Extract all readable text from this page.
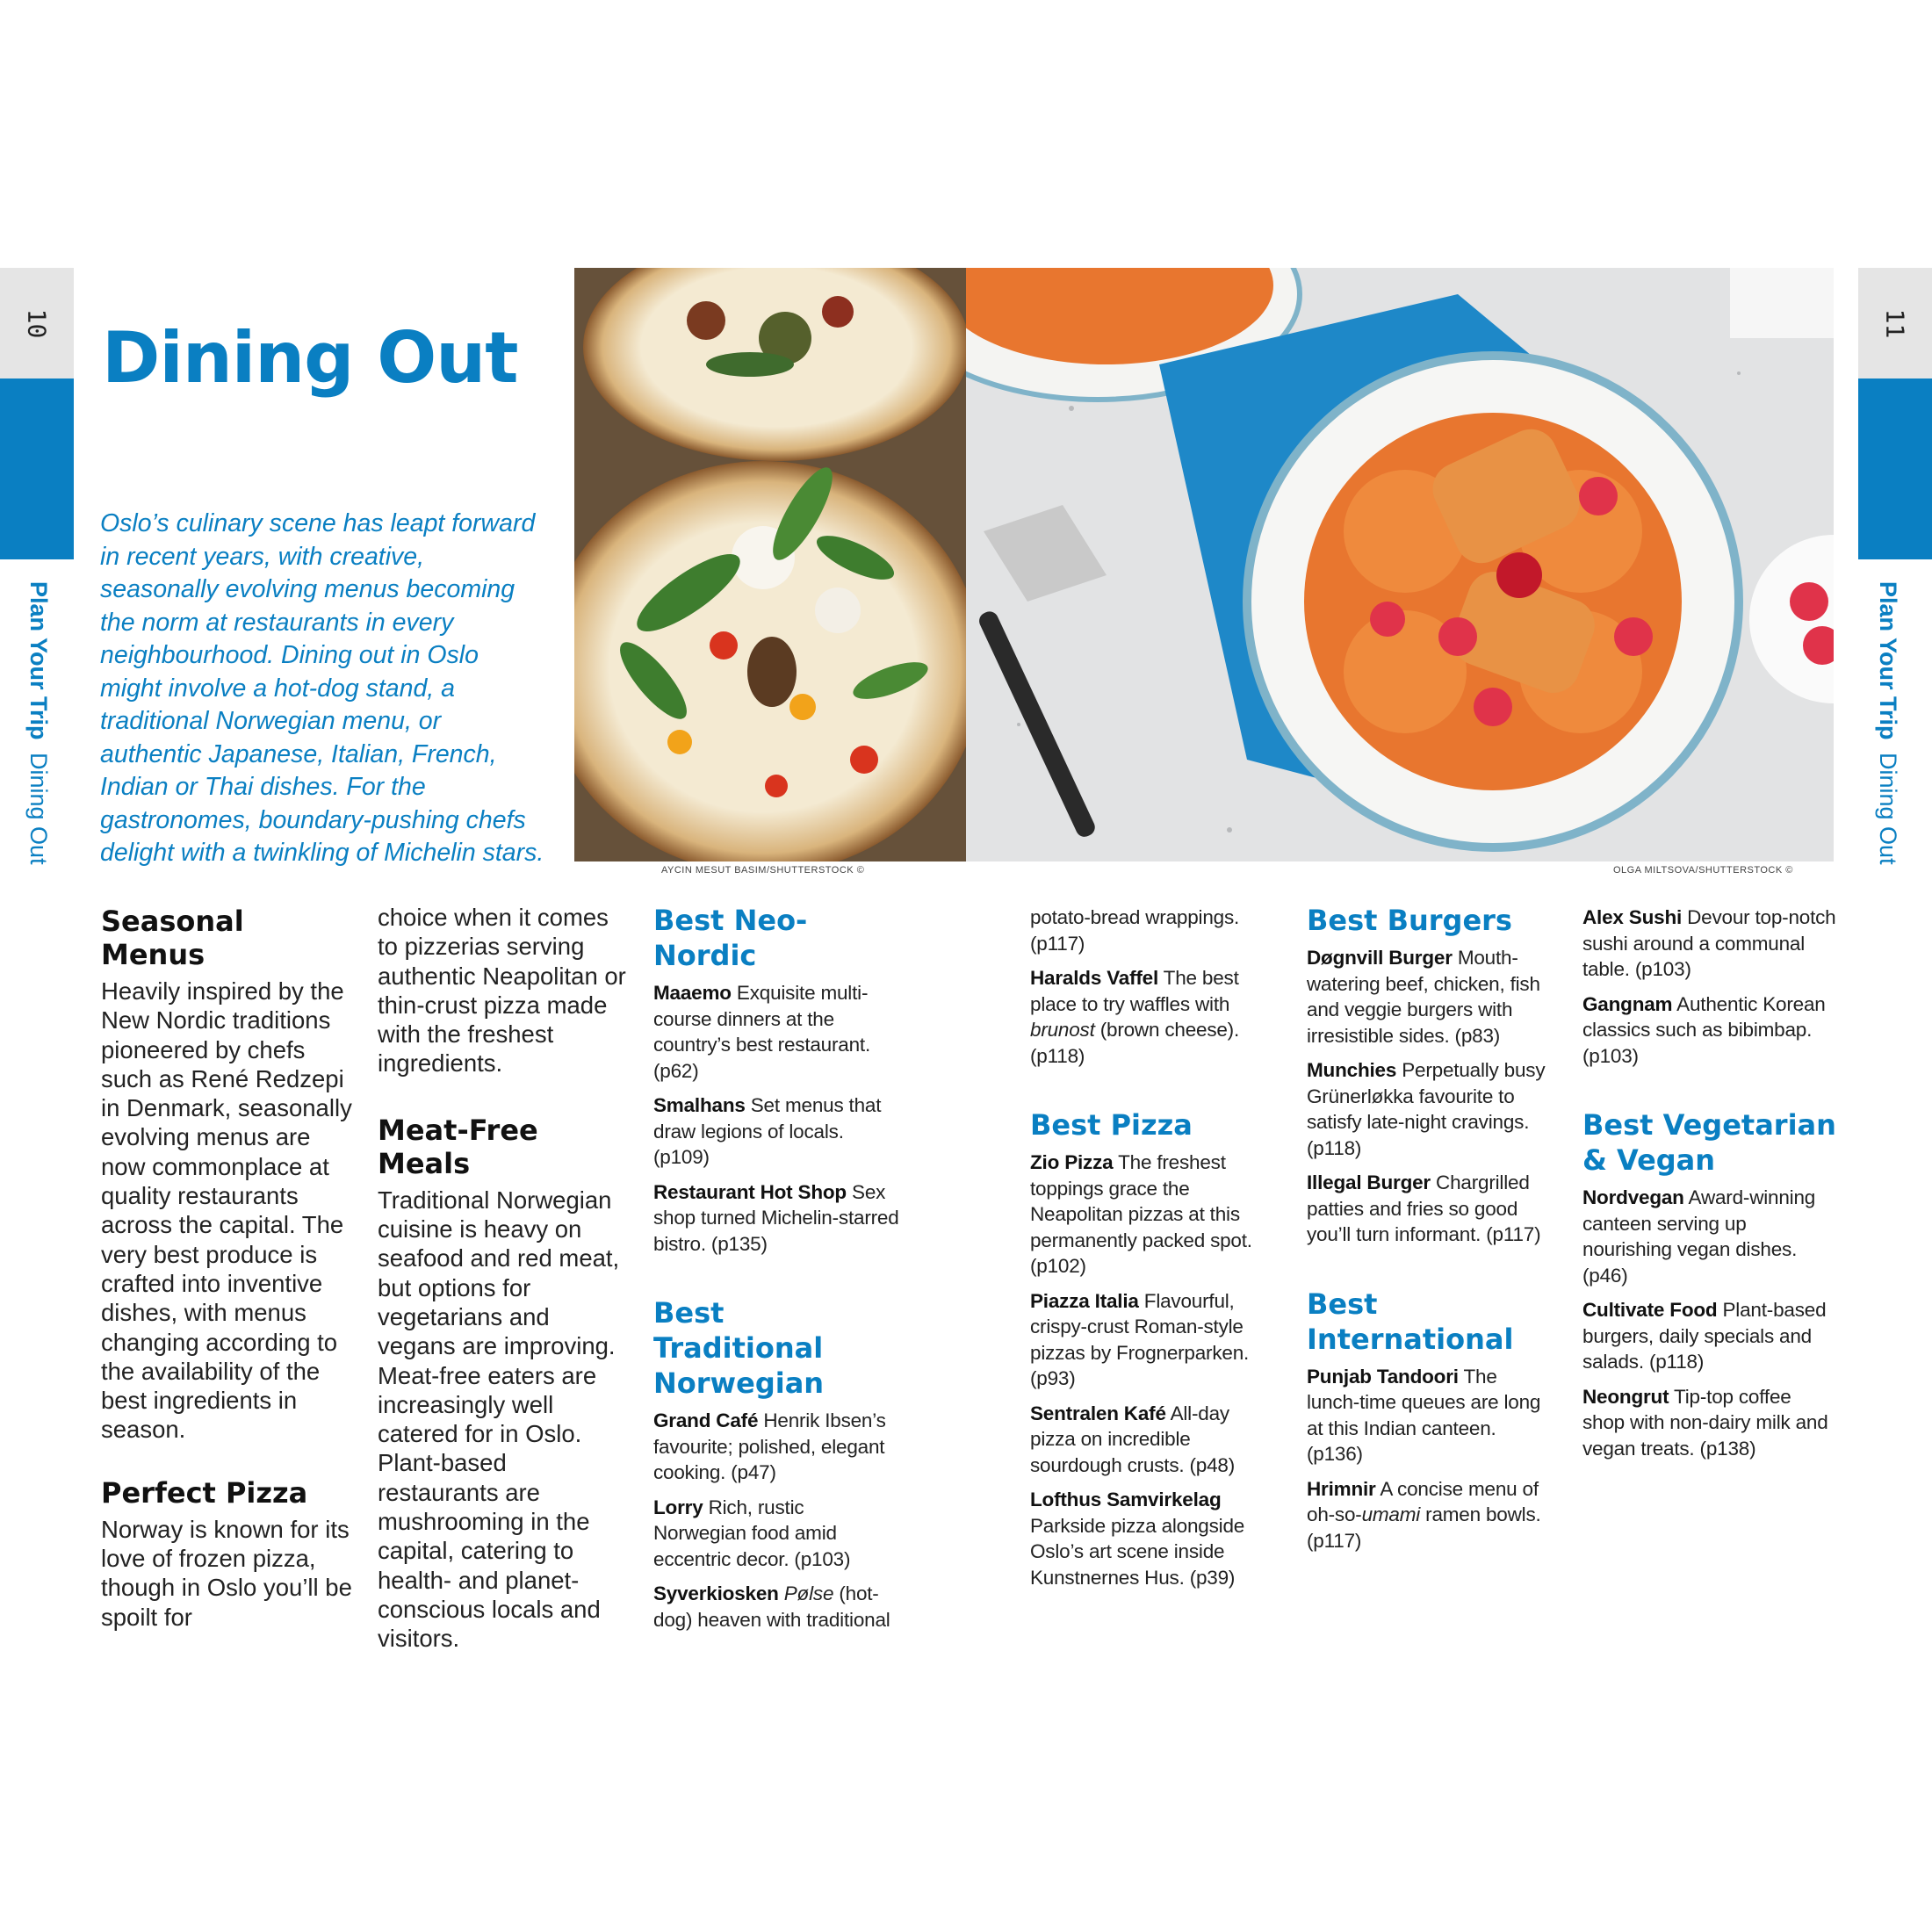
10
Plan Your TripDining Out
11
Plan Your TripDining Out
Dining Out
Oslo’s culinary scene has leapt forward in recent years, with creative, seasonally evolving menus becoming the norm at restaurants in every neighbourhood. Dining out in Oslo might involve a hot-dog stand, a traditional Norwegian menu, or authentic Japanese, Italian, French, Indian or Thai dishes. For the gastronomes, boundary-pushing chefs delight with a twinkling of Michelin stars.
AYCIN MESUT BASIM/SHUTTERSTOCK ©	OLGA MILTSOVA/SHUTTERSTOCK ©
Seasonal Menus

Heavily inspired by the New Nordic traditions pioneered by chefs such as René Redzepi in Denmark, seasonally evolving menus are now commonplace at quality restaurants across the capital. The very best produce is crafted into inventive dishes, with menus changing according to the availability of the best ingredients in season.

Perfect Pizza

Norway is known for its love of frozen pizza, though in Oslo you’ll be spoilt for

choice when it comes to pizzerias serving authentic Neapolitan or thin-crust pizza made with the freshest ingredients.

Meat-Free Meals

Traditional Norwegian cuisine is heavy on seafood and red meat, but options for vegetarians and vegans are improving. Meat-free eaters are increasingly well catered for in Oslo. Plant-based restaurants are mushrooming in the capital, catering to health- and planet-conscious locals and visitors.

Best Neo-Nordic
Maaemo Exquisite multi-course dinners at the country’s best restaurant. (p62)
Smalhans Set menus that draw legions of locals. (p109)
Restaurant Hot Shop Sex shop turned Michelin-starred bistro. (p135)
Best Traditional Norwegian
Grand Café Henrik Ibsen’s favourite; polished, elegant cooking. (p47)
Lorry Rich, rustic Norwegian food amid eccentric decor. (p103)
Syverkiosken Pølse (hot-dog) heaven with traditional
potato-bread wrappings. (p117)
Haralds Vaffel The best place to try waffles with brunost (brown cheese). (p118)
Best Pizza
Zio Pizza The freshest toppings grace the Neapolitan pizzas at this permanently packed spot. (p102)
Piazza Italia Flavourful, crispy-crust Roman-style pizzas by Frognerparken. (p93)
Sentralen Kafé All-day pizza on incredible sourdough crusts. (p48)
Lofthus Samvirkelag Parkside pizza alongside Oslo’s art scene inside Kunstnernes Hus. (p39)
Best Burgers
Døgnvill Burger Mouth-watering beef, chicken, fish and veggie burgers with irresistible sides. (p83)
Munchies Perpetually busy Grünerløkka favourite to satisfy late-night cravings. (p118)
Illegal Burger Chargrilled patties and fries so good you’ll turn informant. (p117)
Best International
Punjab Tandoori The lunch-time queues are long at this Indian canteen. (p136)
Hrimnir A concise menu of oh-so-umami ramen bowls. (p117)
Alex Sushi Devour top-notch sushi around a communal table. (p103)
Gangnam Authentic Korean classics such as bibimbap. (p103)
Best Vegetarian & Vegan
Nordvegan Award-winning canteen serving up nourishing vegan dishes. (p46)
Cultivate Food Plant-based burgers, daily specials and salads. (p118)
Neongrut Tip-top coffee shop with non-dairy milk and vegan treats. (p138)
